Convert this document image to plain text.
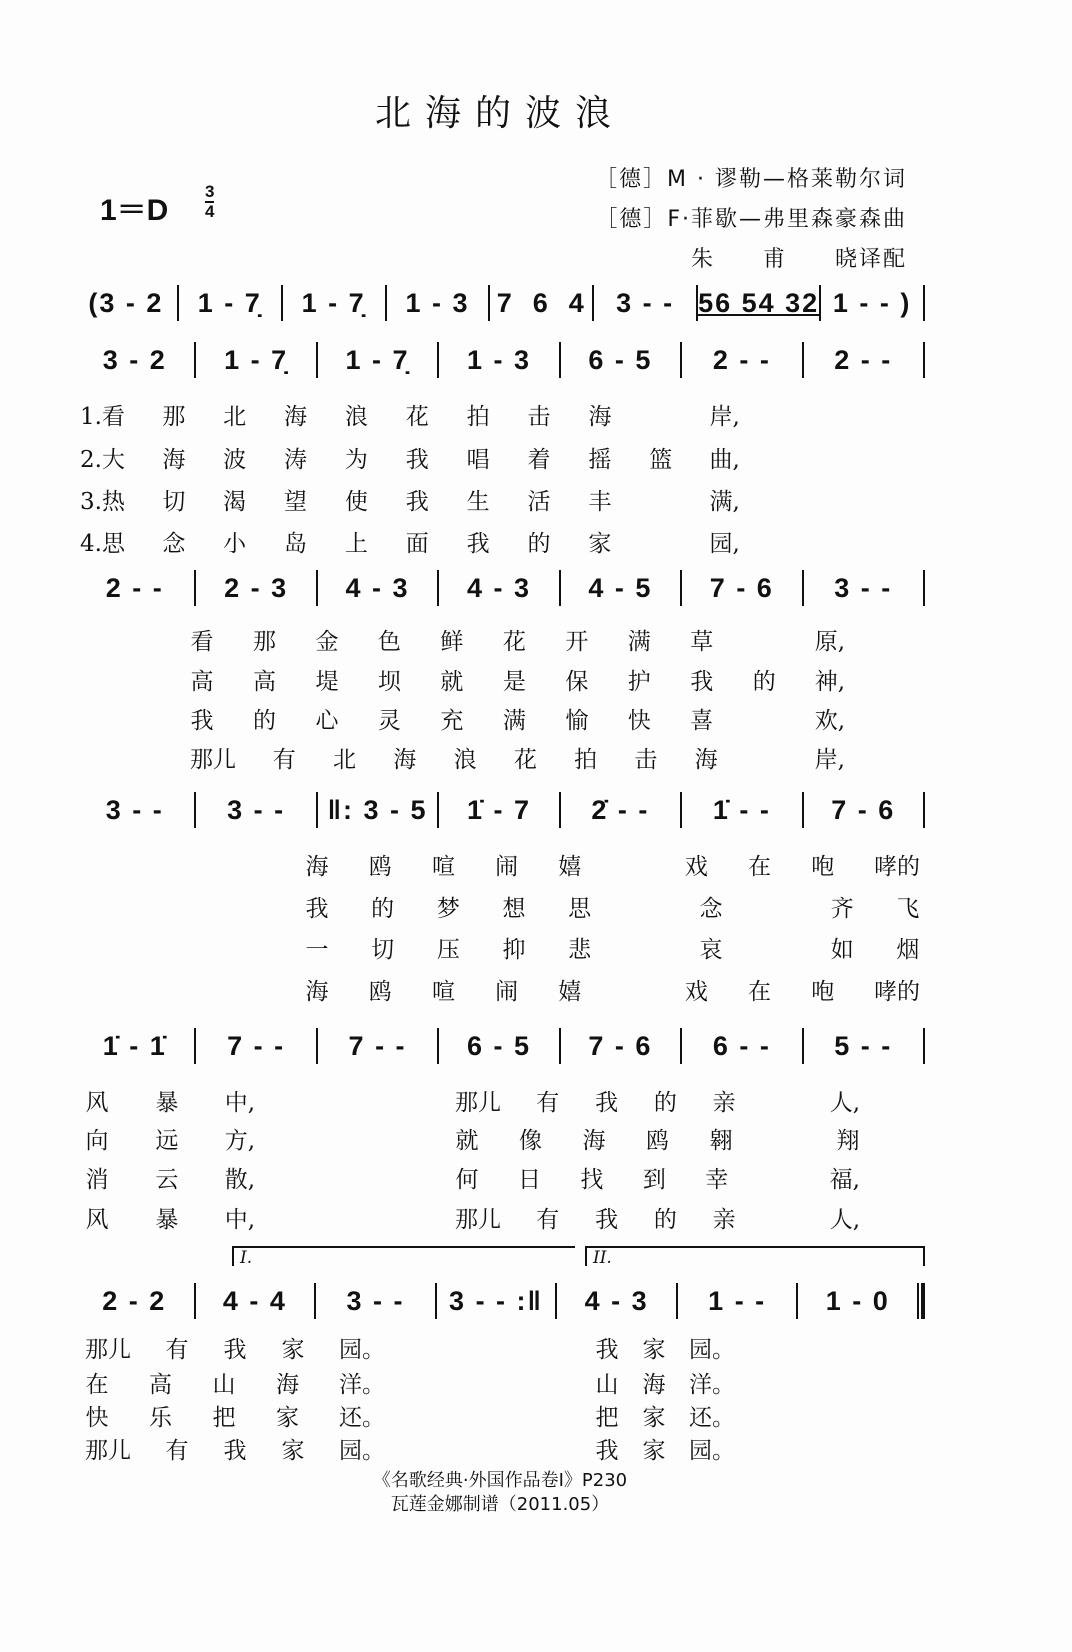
北海的波浪
1＝D
3
4
［德］M · 谬勒—格莱勒尔词
［德］F·菲歇—弗里森豪森曲
朱　　甫　　晓译配
(3 - 2	1 - 7̣	1 - 7̣	1 - 3	7  6  4	3 - - 56 54 32 1 - - )
3 - 2	1 - 7̣	1 - 7̣	1 - 3	6 - 5	2 - -	2 - -
1.看 那 北 海 浪 花 拍 击 海	岸,
2.大 海 波 涛 为 我 唱 着 摇 篮 曲,
3.热 切 渴 望 使 我 生 活 丰	满,
4.思 念 小 岛 上 面 我 的 家	园,
2 - -	2 - 3	4 - 3	4 - 3	4 - 5	7 - 6	3 - -
看 那 金 色 鲜 花 开 满 草	原,
高 高 堤 坝 就 是 保 护 我 的 神,
我 的 心 灵 充 满 愉 快 喜	欢,
那儿 有 北 海 浪 花 拍 击 海	岸,
3 - -	3 - -	‖: 3 - 5	1̇ - 7	2̇ - -	1̇ - -	7 - 6
海 鸥 喧 闹 嬉	戏 在 咆 哮的
我 的 梦 想 思	念	齐 飞
一 切 压 抑 悲	哀	如 烟
海 鸥 喧 闹 嬉	戏 在 咆 哮的
1̇ - 1̇	7 - -	7 - -	6 - 5	7 - 6	6 - -	5 - -
风 暴 中,	那儿 有 我 的 亲	人,
向 远 方,	就 像 海 鸥 翱	翔
消 云 散,	何 日 找 到 幸	福,
风 暴 中,	那儿 有 我 的 亲	人,
2 - 2	4 - 4	3 - -	3 - - :‖	4 - 3	1 - -	1 - 0
I.	II.
那儿 有 我 家 园。	我 家 园。
在 高 山 海 洋。	山 海 洋。
快 乐 把 家 还。	把 家 还。
那儿 有 我 家 园。	我 家 园。
《名歌经典·外国作品卷Ⅰ》P230
瓦莲金娜制谱（2011.05）
